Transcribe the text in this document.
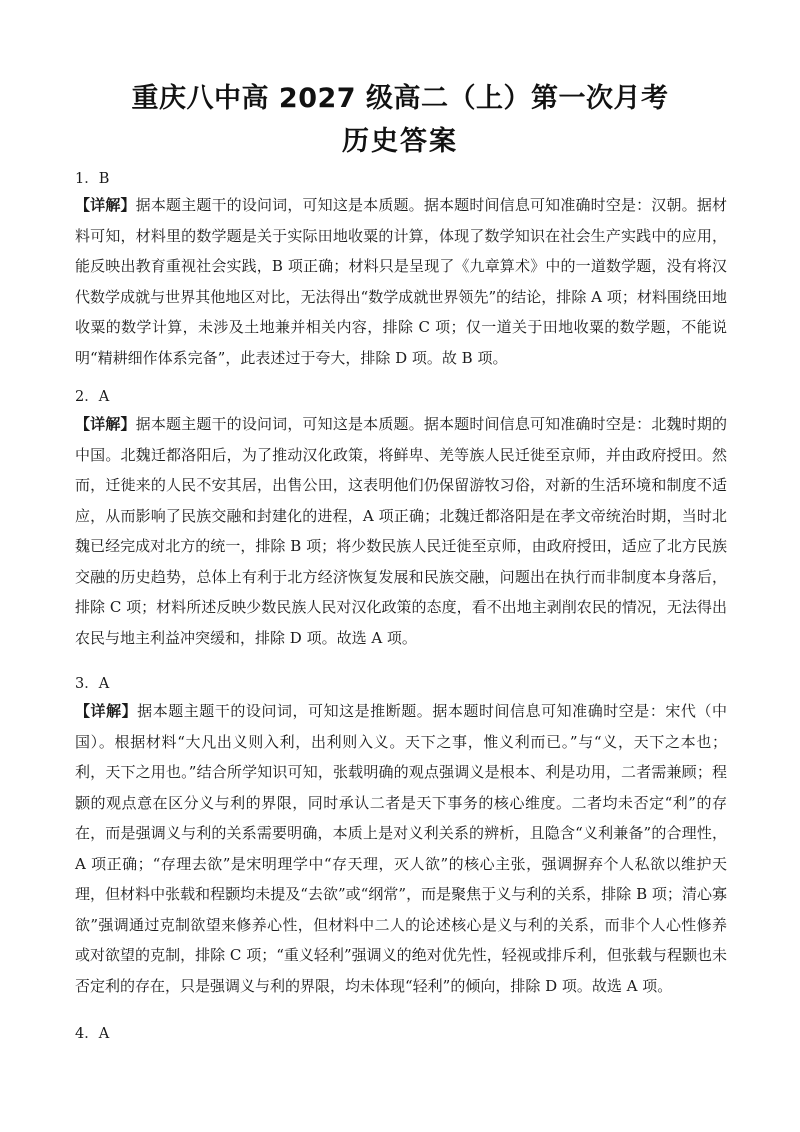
重庆八中高 2027 级高二（上）第一次月考
历史答案
1．B
【详解】据本题主题干的设问词，可知这是本质题。据本题时间信息可知准确时空是：汉朝。据材料可知，材料里的数学题是关于实际田地收粟的计算，体现了数学知识在社会生产实践中的应用，能反映出教育重视社会实践，B 项正确；材料只是呈现了《九章算术》中的一道数学题，没有将汉代数学成就与世界其他地区对比，无法得出“数学成就世界领先”的结论，排除 A 项；材料围绕田地收粟的数学计算，未涉及土地兼并相关内容，排除 C 项；仅一道关于田地收粟的数学题，不能说明“精耕细作体系完备”，此表述过于夸大，排除 D 项。故 B 项。
2．A
【详解】据本题主题干的设问词，可知这是本质题。据本题时间信息可知准确时空是：北魏时期的中国。北魏迁都洛阳后，为了推动汉化政策，将鲜卑、羌等族人民迁徙至京师，并由政府授田。然而，迁徙来的人民不安其居，出售公田，这表明他们仍保留游牧习俗，对新的生活环境和制度不适应，从而影响了民族交融和封建化的进程，A 项正确；北魏迁都洛阳是在孝文帝统治时期，当时北魏已经完成对北方的统一，排除 B 项；将少数民族人民迁徙至京师，由政府授田，适应了北方民族交融的历史趋势，总体上有利于北方经济恢复发展和民族交融，问题出在执行而非制度本身落后，排除 C 项；材料所述反映少数民族人民对汉化政策的态度，看不出地主剥削农民的情况，无法得出农民与地主利益冲突缓和，排除 D 项。故选 A 项。
3．A
【详解】据本题主题干的设问词，可知这是推断题。据本题时间信息可知准确时空是：宋代（中国）。根据材料“大凡出义则入利，出利则入义。天下之事，惟义利而已。”与“义，天下之本也；利，天下之用也。”结合所学知识可知，张载明确的观点强调义是根本、利是功用，二者需兼顾；程颢的观点意在区分义与利的界限，同时承认二者是天下事务的核心维度。二者均未否定“利”的存在，而是强调义与利的关系需要明确，本质上是对义利关系的辨析，且隐含“义利兼备”的合理性，A 项正确；“存理去欲”是宋明理学中“存天理，灭人欲”的核心主张，强调摒弃个人私欲以维护天理，但材料中张载和程颢均未提及“去欲”或“纲常”，而是聚焦于义与利的关系，排除 B 项；清心寡欲”强调通过克制欲望来修养心性，但材料中二人的论述核心是义与利的关系，而非个人心性修养或对欲望的克制，排除 C 项；“重义轻利”强调义的绝对优先性，轻视或排斥利，但张载与程颢也未否定利的存在，只是强调义与利的界限，均未体现“轻利”的倾向，排除 D 项。故选 A 项。
4．A
